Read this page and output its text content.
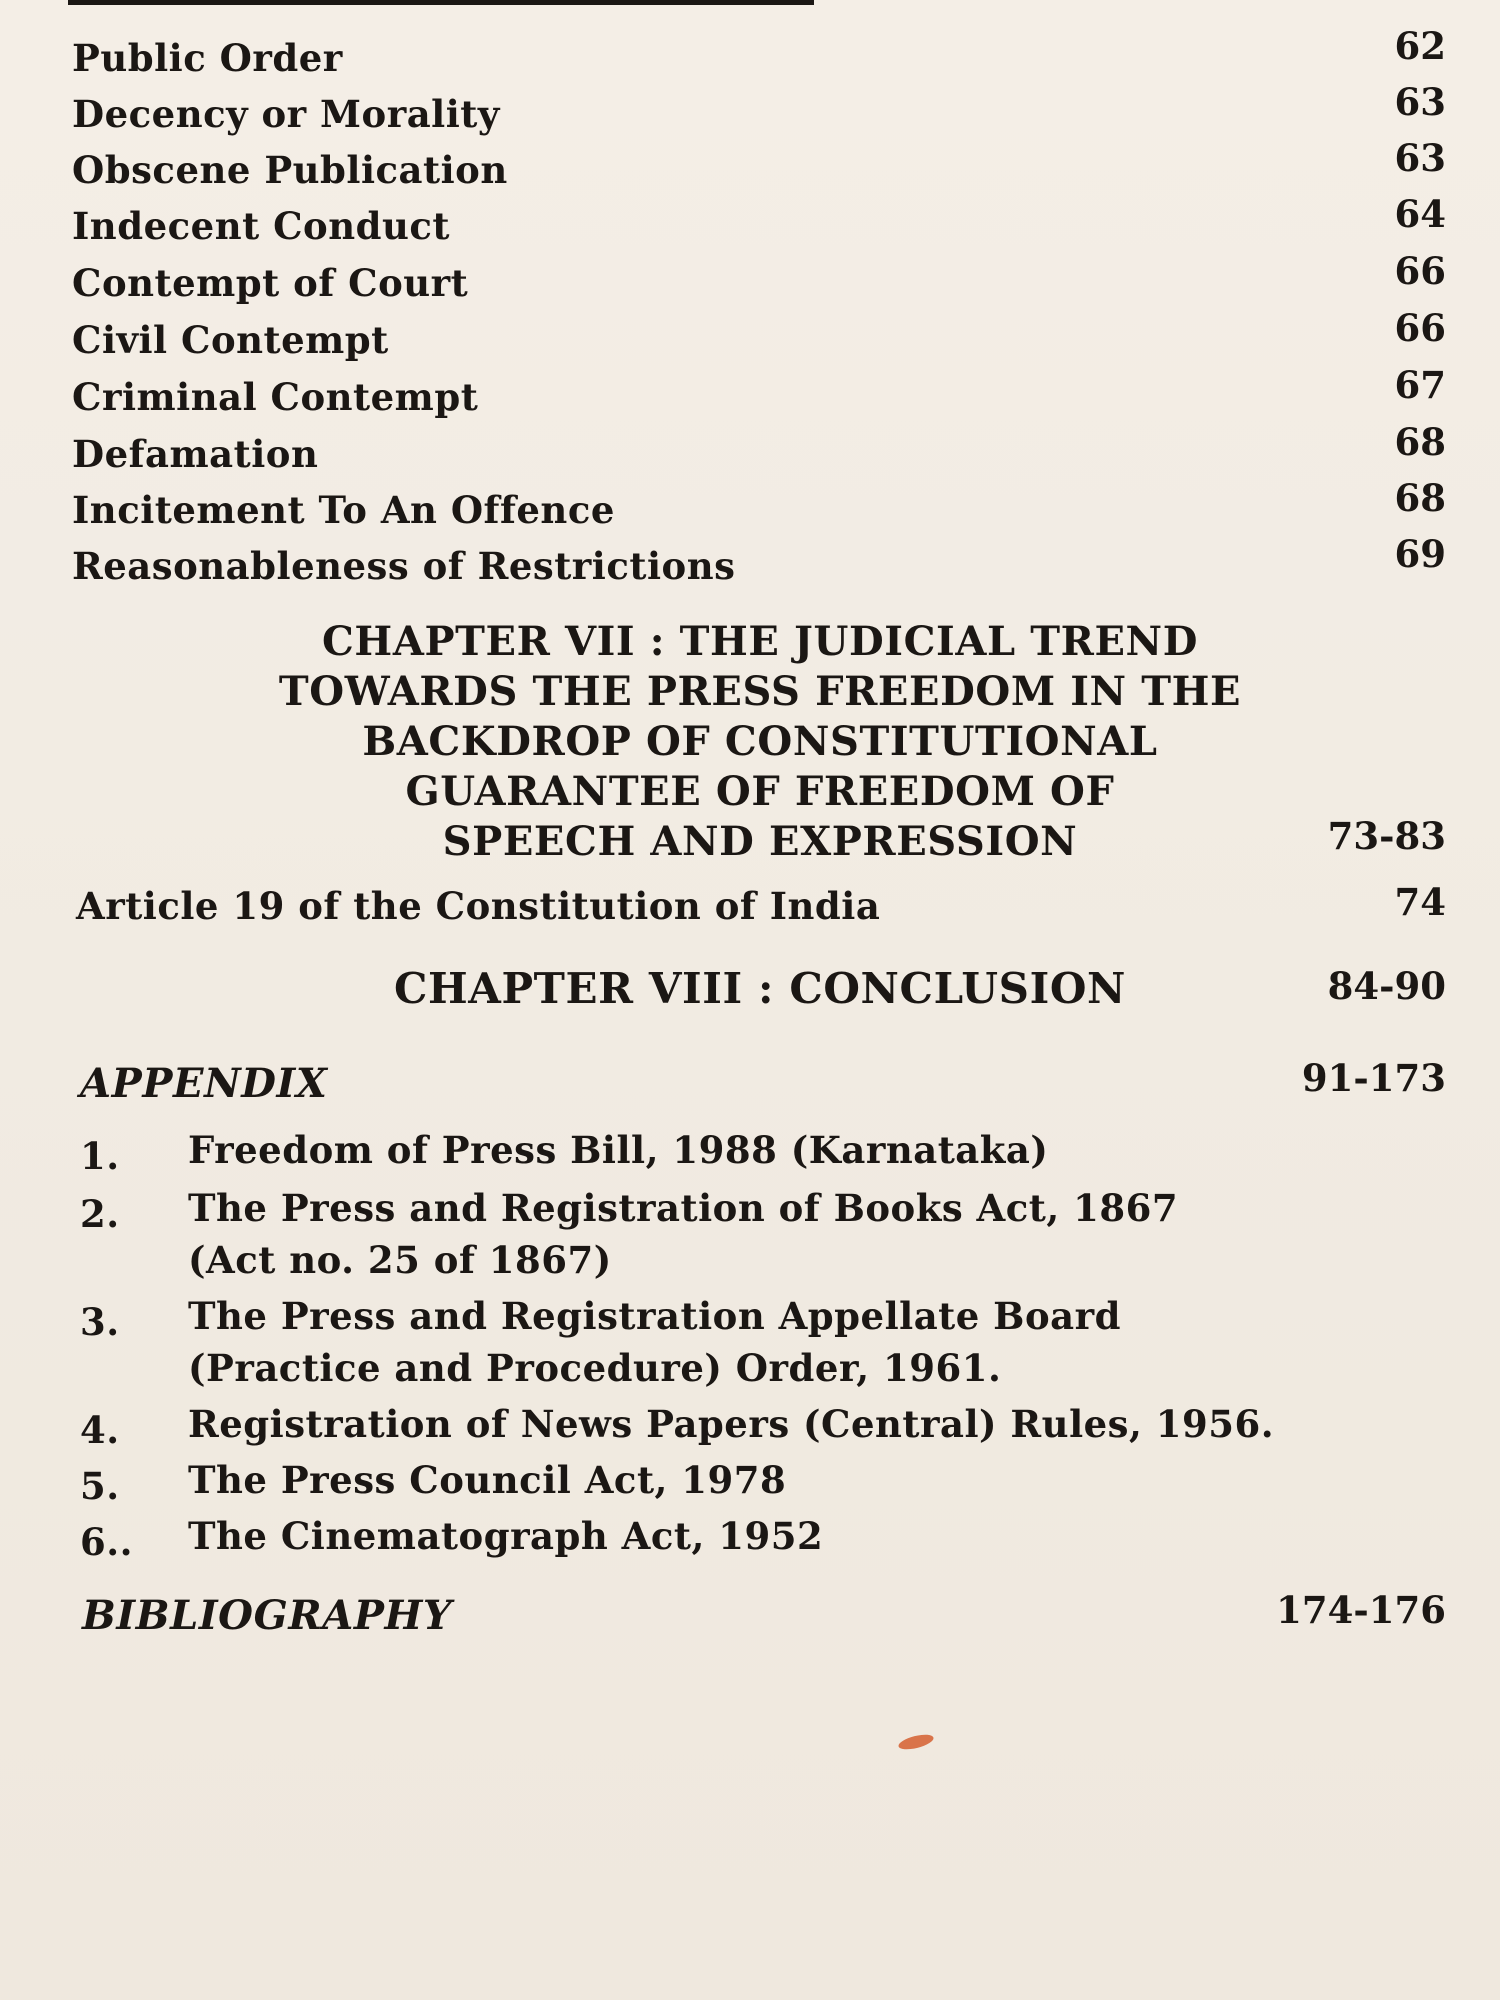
Public Order	62
Decency or Morality	63
Obscene Publication	63
Indecent Conduct	64
Contempt of Court	66
Civil Contempt	66
Criminal Contempt	67
Defamation	68
Incitement To An Offence	68
Reasonableness of Restrictions	69
CHAPTER VII : THE JUDICIAL TREND
TOWARDS THE PRESS FREEDOM IN THE
BACKDROP OF CONSTITUTIONAL
GUARANTEE OF FREEDOM OF
SPEECH AND EXPRESSION	73-83
Article 19 of the Constitution of India	74
CHAPTER VIII : CONCLUSION	84-90
APPENDIX	91-173
1. Freedom of Press Bill, 1988 (Karnataka)
2. The Press and Registration of Books Act, 1867
(Act no. 25 of 1867)
3. The Press and Registration Appellate Board
(Practice and Procedure) Order, 1961.
4. Registration of News Papers (Central) Rules, 1956.
5. The Press Council Act, 1978
6.. The Cinematograph Act, 1952
BIBLIOGRAPHY	174-176
